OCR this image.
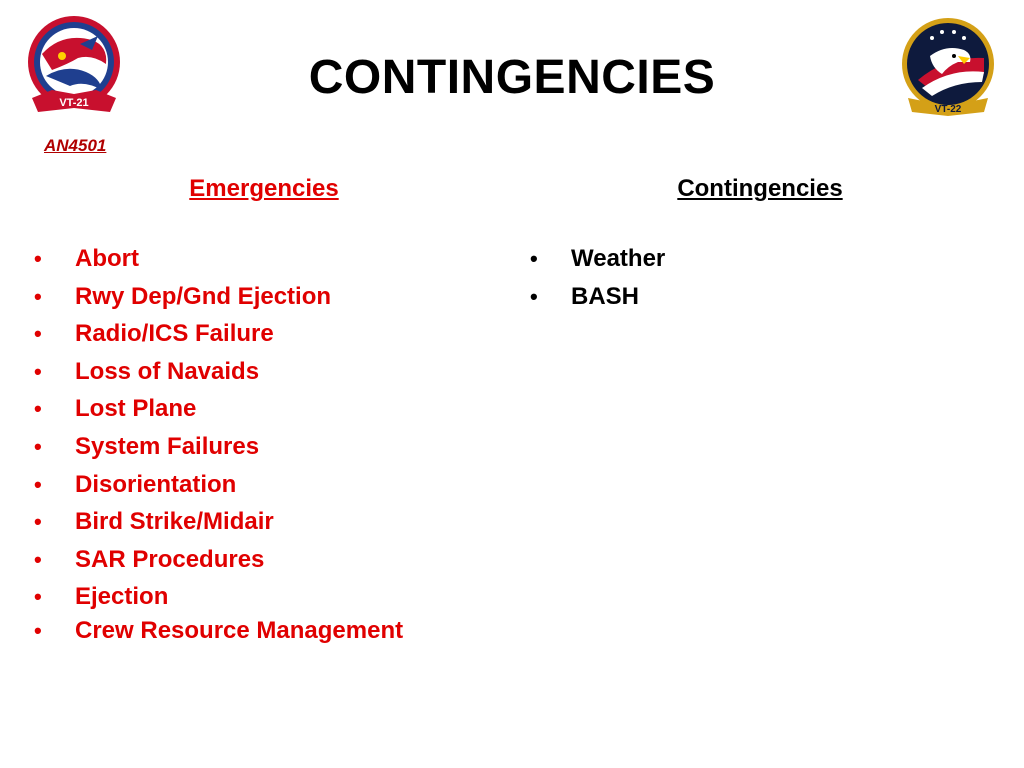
VT-21
VT-22
AN4501
CONTINGENCIES
Emergencies	Contingencies
• Abort
• Rwy Dep/Gnd Ejection
• Radio/ICS Failure
• Loss of Navaids
• Lost Plane
• System Failures
• Disorientation
• Bird Strike/Midair
• SAR Procedures
• Ejection
• Crew Resource Management
• Weather
• BASH
